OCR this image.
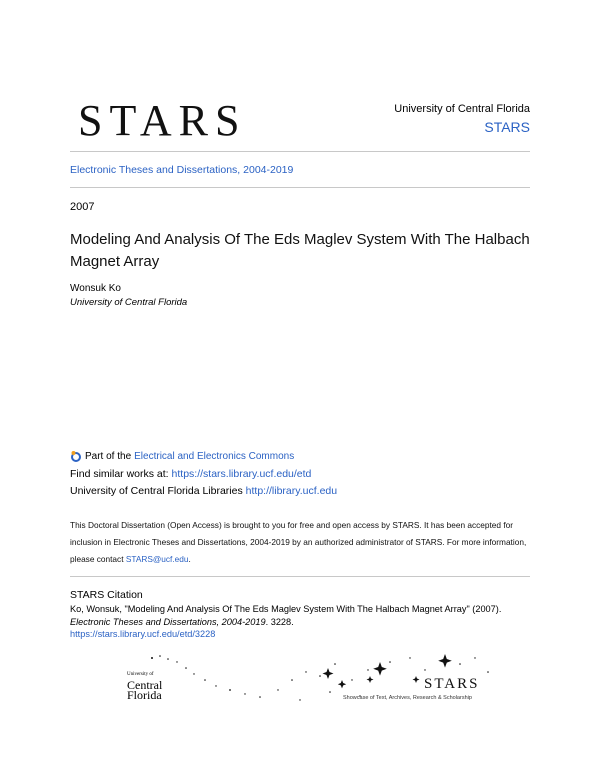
STARS	University of Central Florida
STARS
Electronic Theses and Dissertations, 2004-2019
2007
Modeling And Analysis Of The Eds Maglev System With The Halbach Magnet Array
Wonsuk Ko
University of Central Florida
Part of the Electrical and Electronics Commons
Find similar works at: https://stars.library.ucf.edu/etd
University of Central Florida Libraries http://library.ucf.edu
This Doctoral Dissertation (Open Access) is brought to you for free and open access by STARS. It has been accepted for inclusion in Electronic Theses and Dissertations, 2004-2019 by an authorized administrator of STARS. For more information, please contact STARS@ucf.edu.
STARS Citation
Ko, Wonsuk, "Modeling And Analysis Of The Eds Maglev System With The Halbach Magnet Array" (2007).
Electronic Theses and Dissertations, 2004-2019. 3228.
https://stars.library.ucf.edu/etd/3228
University of
Central
Florida
STARS
Showcase of Text, Archives, Research & Scholarship
